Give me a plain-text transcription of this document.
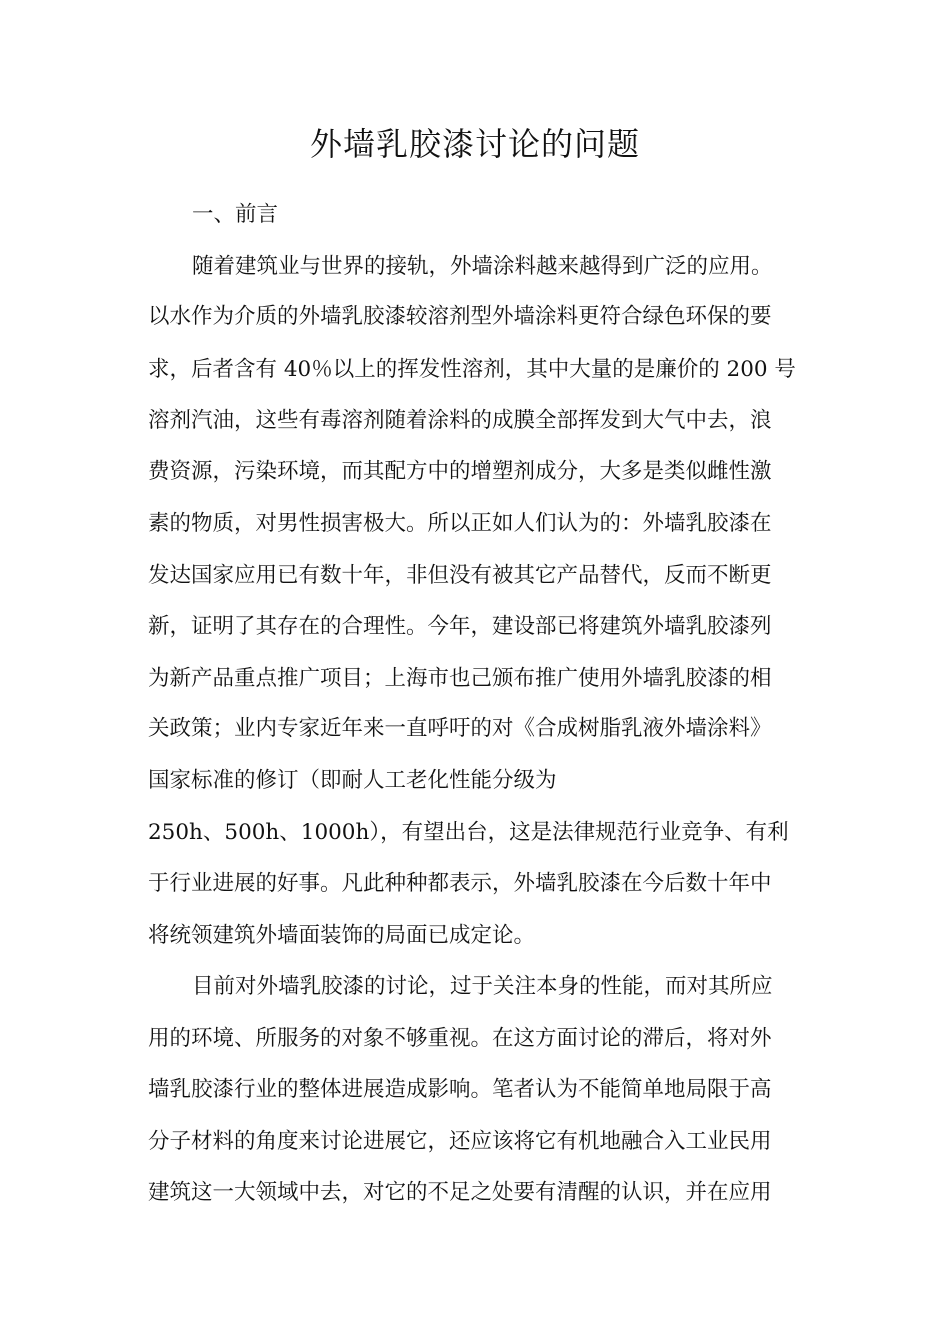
外墙乳胶漆讨论的问题
一、前言
随着建筑业与世界的接轨，外墙涂料越来越得到广泛的应用。
以水作为介质的外墙乳胶漆较溶剂型外墙涂料更符合绿色环保的要
求，后者含有 40％以上的挥发性溶剂，其中大量的是廉价的 200 号
溶剂汽油，这些有毒溶剂随着涂料的成膜全部挥发到大气中去，浪
费资源，污染环境，而其配方中的增塑剂成分，大多是类似雌性激
素的物质，对男性损害极大。所以正如人们认为的：外墙乳胶漆在
发达国家应用已有数十年，非但没有被其它产品替代，反而不断更
新，证明了其存在的合理性。今年，建设部已将建筑外墙乳胶漆列
为新产品重点推广项目；上海市也己颁布推广使用外墙乳胶漆的相
关政策；业内专家近年来一直呼吁的对《合成树脂乳液外墙涂料》
国家标准的修订（即耐人工老化性能分级为
250h、500h、1000h），有望出台，这是法律规范行业竞争、有利
于行业进展的好事。凡此种种都表示，外墙乳胶漆在今后数十年中
将统领建筑外墙面装饰的局面已成定论。
目前对外墙乳胶漆的讨论，过于关注本身的性能，而对其所应
用的环境、所服务的对象不够重视。在这方面讨论的滞后，将对外
墙乳胶漆行业的整体进展造成影响。笔者认为不能简单地局限于高
分子材料的角度来讨论进展它，还应该将它有机地融合入工业民用
建筑这一大领域中去，对它的不足之处要有清醒的认识，并在应用
